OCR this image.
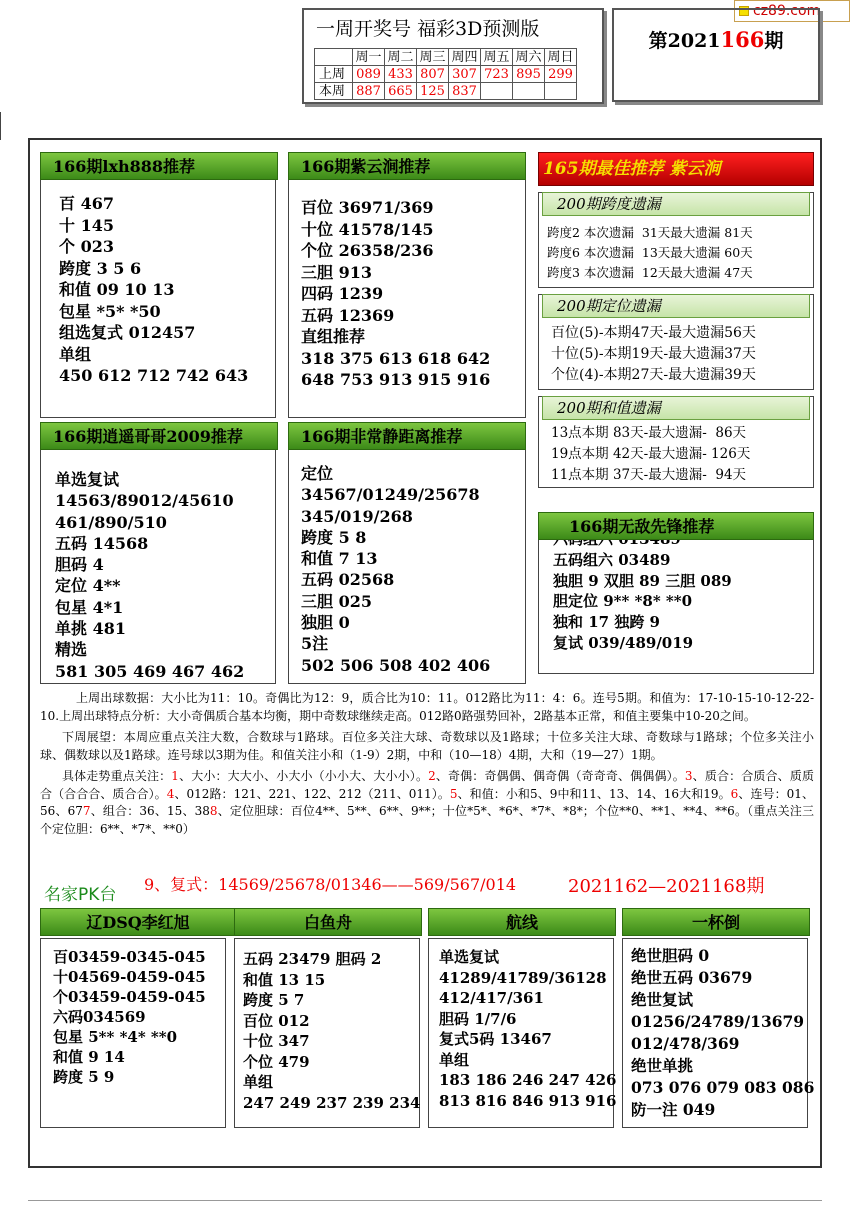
cz89.com
一周开奖号 福彩3D预测版
	周一	周二	周三	周四	周五	周六	周日
上周	089	433	807	307	723	895	299
本周	887	665	125	837			
第2021166期
百 467
十 145
个 023
跨度 3 5 6
和值 09 10 13
包星 *5* *50
组选复式 012457
单组
450 612 712 742 643
166期lxh888推荐
百位 36971/369
十位 41578/145
个位 26358/236
三胆 913
四码 1239
五码 12369
直组推荐
318 375 613 618 642
648 753 913 915 916
166期紫云涧推荐
单选复试
14563/89012/45610
461/890/510
五码 14568
胆码 4
定位 4**
包星 4*1
单挑 481
精选
581 305 469 467 462
166期逍遥哥哥2009推荐
定位
34567/01249/25678
345/019/268
跨度 5 8
和值 7 13
五码 02568
三胆 025
独胆 0
5注
502 506 508 402 406
166期非常静距离推荐
165期最佳推荐 紫云涧
跨度2 本次遗漏  31天最大遗漏 81天
跨度6 本次遗漏  13天最大遗漏 60天
跨度3 本次遗漏  12天最大遗漏 47天
200期跨度遗漏
百位(5)-本期47天-最大遗漏56天
十位(5)-本期19天-最大遗漏37天
个位(4)-本期27天-最大遗漏39天
200期定位遗漏
13点本期 83天-最大遗漏-  86天
19点本期 42天-最大遗漏- 126天
11点本期 37天-最大遗漏-  94天
200期和值遗漏
五码组六 03489
独胆 9 双胆 89 三胆 089
胆定位 9** *8* **0
独和 17 独跨 9
复试 039/489/019
166期无敌先锋推荐

上周出球数据：大小比为11：10。奇偶比为12：9，质合比为10：11。012路比为11：4：6。连号5期。和值为：17-10-15-10-12-22-10.上周出球特点分析：大小奇偶质合基本均衡，期中奇数球继续走高。012路0路强势回补，2路基本正常，和值主要集中10-20之间。

下周展望：本周应重点关注大数，合数球与1路球。百位多关注大球、奇数球以及1路球；十位多关注大球、奇数球与1路球；个位多关注小球、偶数球以及1路球。连号球以3期为佳。和值关注小和（1-9）2期，中和（10—18）4期，大和（19—27）1期。

具体走势重点关注：1、大小：大大小、小大小（小小大、大小小）。2、奇偶：奇偶偶、偶奇偶（奇奇奇、偶偶偶）。3、质合：合质合、质质合（合合合、质合合）。4、012路：121、221、122、212（211、011）。5、和值：小和5、9中和11、13、14、16大和19。6、连号：01、56、677、组合：36、15、388、定位胆球：百位4**、5**、6**、9**；十位*5*、*6*、*7*、*8*；个位**0、**1、**4、**6。（重点关注三个定位胆：6**、*7*、**0）

百03459-0345-045
十04569-0459-045
个03459-0459-045
六码034569
包星 5** *4* **0
和值 9 14
跨度 5 9
辽DSQ李红旭
五码 23479 胆码 2
和值 13 15
跨度 5 7
百位 012
十位 347
个位 479
单组
247 249 237 239 234
白鱼舟
单选复试
41289/41789/36128
412/417/361
胆码 1/7/6
复式5码 13467
单组
183 186 246 247 426
813 816 846 913 916
航线
绝世胆码 0
绝世五码 03679
绝世复试
01256/24789/13679
012/478/369
绝世单挑
073 076 079 083 086
防一注 049
一杯倒
名家PK台
9、复式：14569/25678/01346——569/567/014	2021162—2021168期
